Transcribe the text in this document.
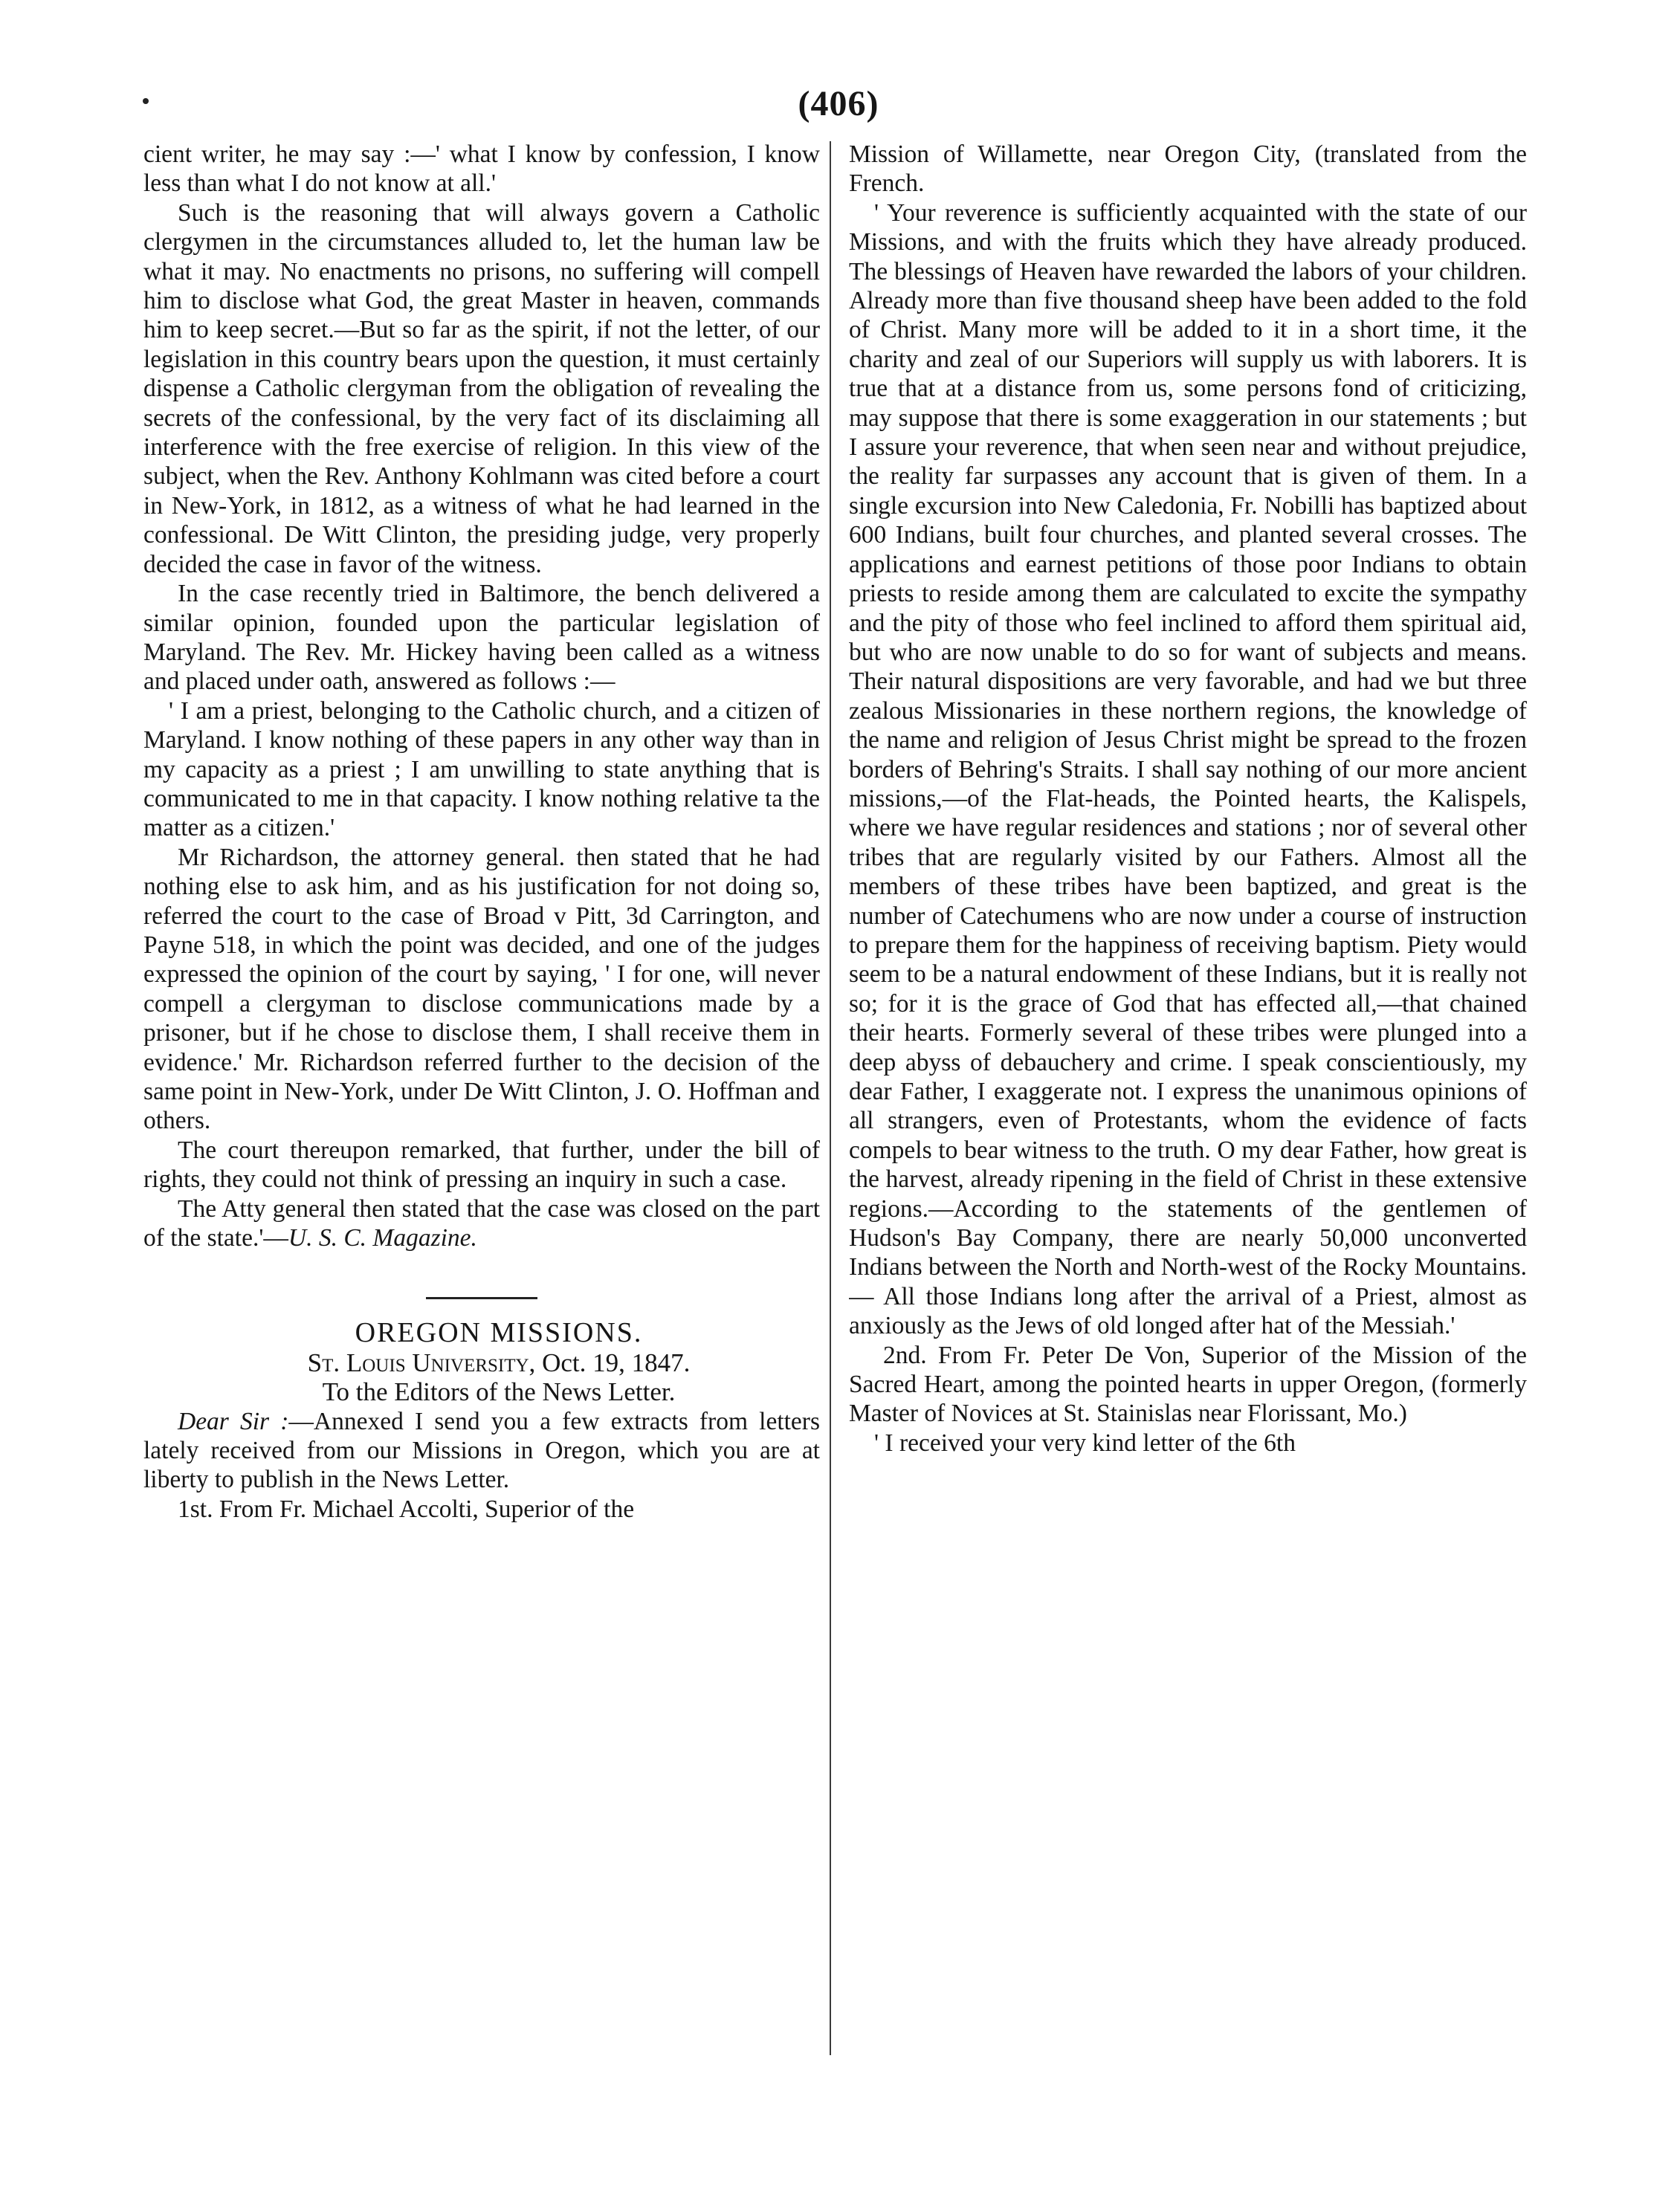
(406)

cient writer, he may say :—' what I know by confession, I know less than what I do not know at all.'

Such is the reasoning that will always govern a Catholic clergymen in the circumstances alluded to, let the human law be what it may. No enactments no prisons, no suffering will compell him to disclose what God, the great Master in heaven, commands him to keep secret.—But so far as the spirit, if not the letter, of our legislation in this country bears upon the question, it must certainly dispense a Catholic clergyman from the obligation of revealing the secrets of the confessional, by the very fact of its disclaiming all interference with the free exercise of religion. In this view of the subject, when the Rev. Anthony Kohlmann was cited before a court in New-York, in 1812, as a witness of what he had learned in the confessional. De Witt Clinton, the presiding judge, very properly decided the case in favor of the witness.

In the case recently tried in Baltimore, the bench delivered a similar opinion, founded upon the particular legislation of Maryland. The Rev. Mr. Hickey having been called as a witness and placed under oath, answered as follows :—

' I am a priest, belonging to the Catholic church, and a citizen of Maryland. I know nothing of these papers in any other way than in my capacity as a priest ; I am unwilling to state anything that is communicated to me in that capacity. I know nothing relative ta the matter as a citizen.'

Mr Richardson, the attorney general. then stated that he had nothing else to ask him, and as his justification for not doing so, referred the court to the case of Broad v Pitt, 3d Carrington, and Payne 518, in which the point was decided, and one of the judges expressed the opinion of the court by saying, ' I for one, will never compell a clergyman to disclose communications made by a prisoner, but if he chose to disclose them, I shall receive them in evidence.' Mr. Richardson referred further to the decision of the same point in New-York, under De Witt Clinton, J. O. Hoffman and others.

The court thereupon remarked, that further, under the bill of rights, they could not think of pressing an inquiry in such a case.

The Atty general then stated that the case was closed on the part of the state.'—U. S. C. Magazine.

OREGON MISSIONS.

St. Louis University, Oct. 19, 1847.

To the Editors of the News Letter.

Dear Sir :—Annexed I send you a few extracts from letters lately received from our Missions in Oregon, which you are at liberty to publish in the News Letter.

1st. From Fr. Michael Accolti, Superior of the

Mission of Willamette, near Oregon City, (translated from the French.

' Your reverence is sufficiently acquainted with the state of our Missions, and with the fruits which they have already produced. The blessings of Heaven have rewarded the labors of your children. Already more than five thousand sheep have been added to the fold of Christ. Many more will be added to it in a short time, it the charity and zeal of our Superiors will supply us with laborers. It is true that at a distance from us, some persons fond of criticizing, may suppose that there is some exaggeration in our statements ; but I assure your reverence, that when seen near and without prejudice, the reality far surpasses any account that is given of them. In a single excursion into New Caledonia, Fr. Nobilli has baptized about 600 Indians, built four churches, and planted several crosses. The applications and earnest petitions of those poor Indians to obtain priests to reside among them are calculated to excite the sympathy and the pity of those who feel inclined to afford them spiritual aid, but who are now unable to do so for want of subjects and means. Their natural dispositions are very favorable, and had we but three zealous Missionaries in these northern regions, the knowledge of the name and religion of Jesus Christ might be spread to the frozen borders of Behring's Straits. I shall say nothing of our more ancient missions,—of the Flat-heads, the Pointed hearts, the Kalispels, where we have regular residences and stations ; nor of several other tribes that are regularly visited by our Fathers. Almost all the members of these tribes have been baptized, and great is the number of Catechumens who are now under a course of instruction to prepare them for the happiness of receiving baptism. Piety would seem to be a natural endowment of these Indians, but it is really not so; for it is the grace of God that has effected all,—that chained their hearts. Formerly several of these tribes were plunged into a deep abyss of debauchery and crime. I speak conscientiously, my dear Father, I exaggerate not. I express the unanimous opinions of all strangers, even of Protestants, whom the evidence of facts compels to bear witness to the truth. O my dear Father, how great is the harvest, already ripening in the field of Christ in these extensive regions.—According to the statements of the gentlemen of Hudson's Bay Company, there are nearly 50,000 unconverted Indians between the North and North-west of the Rocky Mountains.— All those Indians long after the arrival of a Priest, almost as anxiously as the Jews of old longed after hat of the Messiah.'

2nd. From Fr. Peter De Von, Superior of the Mission of the Sacred Heart, among the pointed hearts in upper Oregon, (formerly Master of Novices at St. Stainislas near Florissant, Mo.)

' I received your very kind letter of the 6th
